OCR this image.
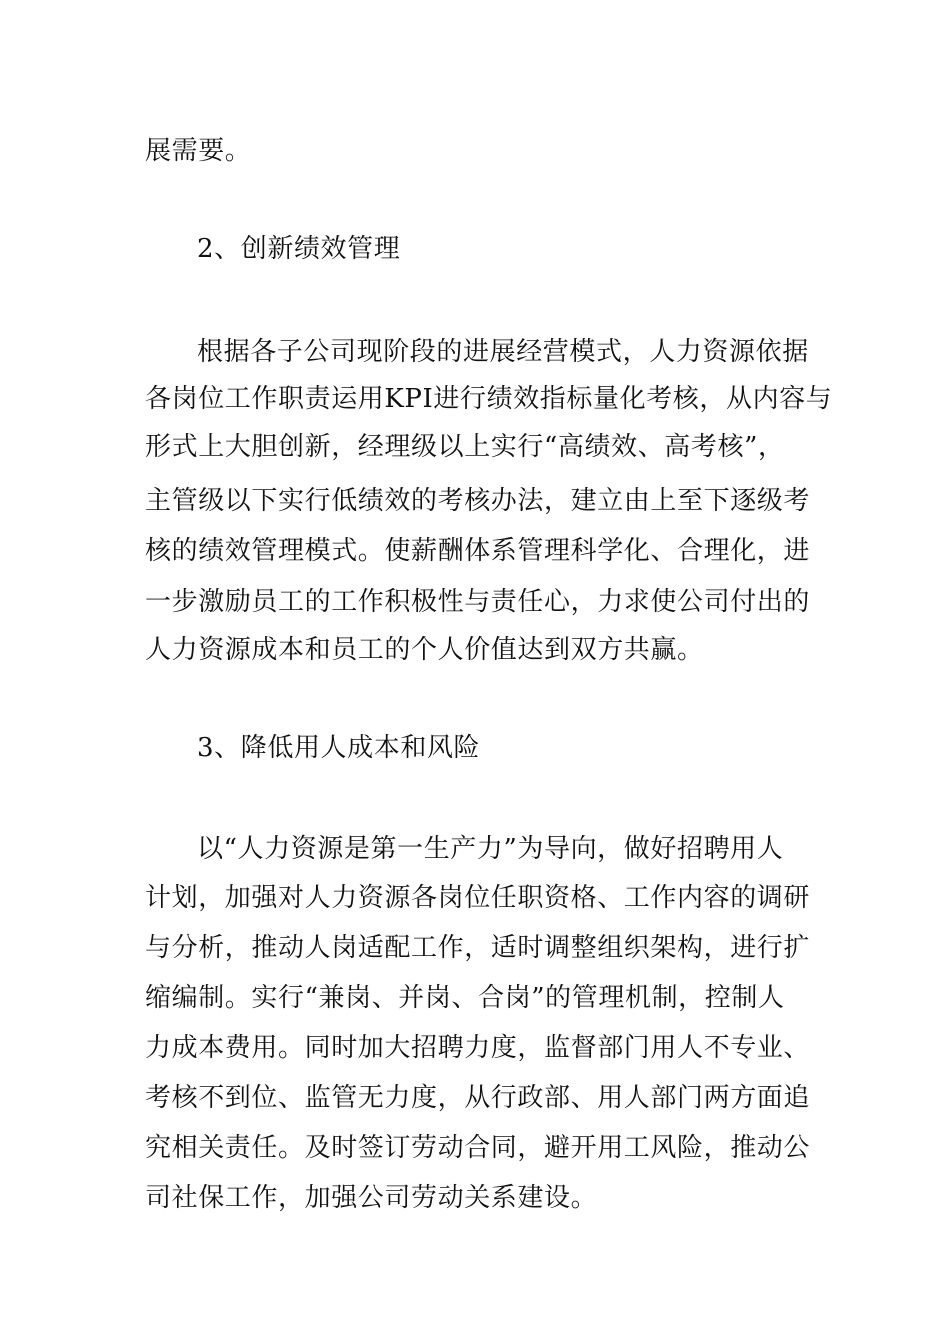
展需要。
2、创新绩效管理
根据各子公司现阶段的进展经营模式，人力资源依据
各岗位工作职责运用KPI进行绩效指标量化考核，从内容与
形式上大胆创新，经理级以上实行“高绩效、高考核”，
主管级以下实行低绩效的考核办法，建立由上至下逐级考
核的绩效管理模式。使薪酬体系管理科学化、合理化，进
一步激励员工的工作积极性与责任心，力求使公司付出的
人力资源成本和员工的个人价值达到双方共赢。
3、降低用人成本和风险
以“人力资源是第一生产力”为导向，做好招聘用人
计划，加强对人力资源各岗位任职资格、工作内容的调研
与分析，推动人岗适配工作，适时调整组织架构，进行扩
缩编制。实行“兼岗、并岗、合岗”的管理机制，控制人
力成本费用。同时加大招聘力度，监督部门用人不专业、
考核不到位、监管无力度，从行政部、用人部门两方面追
究相关责任。及时签订劳动合同，避开用工风险，推动公
司社保工作，加强公司劳动关系建设。
